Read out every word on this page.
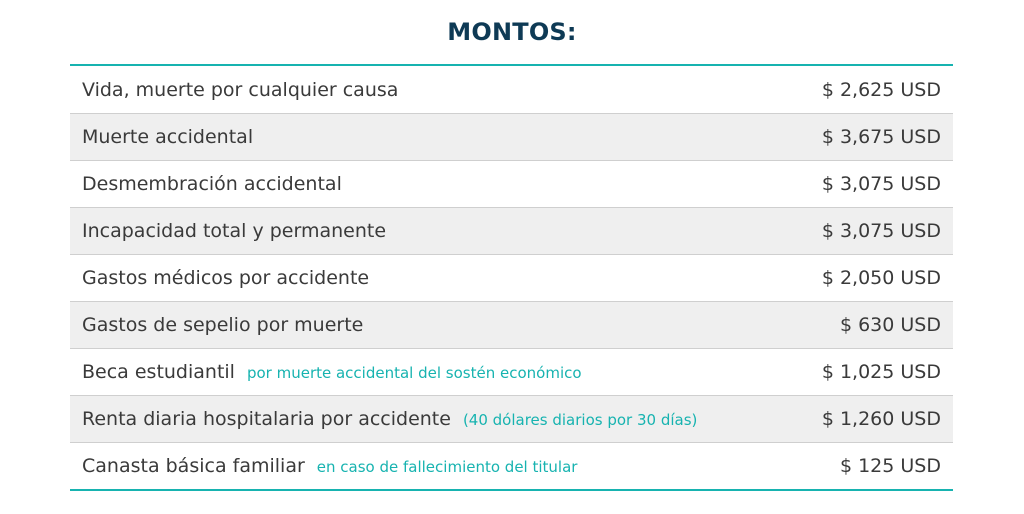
MONTOS:
Vida, muerte por cualquier causa	$ 2,625 USD
Muerte accidental	$ 3,675 USD
Desmembración accidental	$ 3,075 USD
Incapacidad total y permanente	$ 3,075 USD
Gastos médicos por accidente	$ 2,050 USD
Gastos de sepelio por muerte	$ 630 USD
Beca estudiantil por muerte accidental del sostén económico	$ 1,025 USD
Renta diaria hospitalaria por accidente (40 dólares diarios por 30 días)	$ 1,260 USD
Canasta básica familiar en caso de fallecimiento del titular	$ 125 USD
